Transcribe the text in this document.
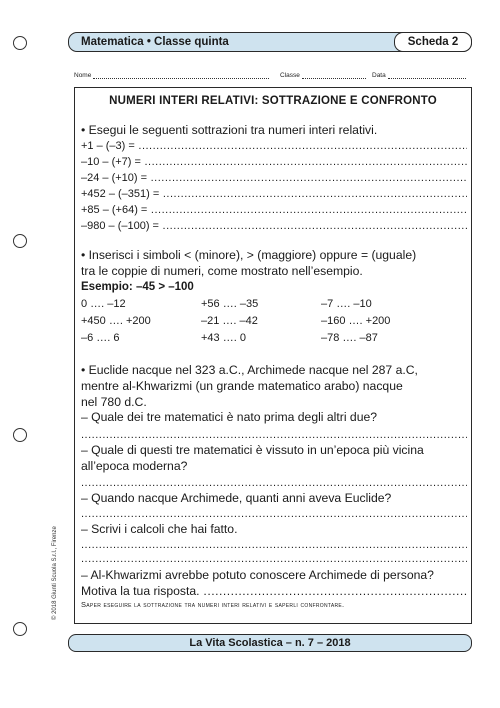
Matematica • Classe quinta	Scheda 2
Nome	Classe	Data
NUMERI INTERI RELATIVI: SOTTRAZIONE E CONFRONTO
• Esegui le seguenti sottrazioni tra numeri interi relativi.
+1 – (–3) = .....
–10 – (+7) = .....
–24 – (+10) = .....
+452 – (–351) = .....
+85 – (+64) = .....
–980 – (–100) = .....
• Inserisci i simboli < (minore), > (maggiore) oppure = (uguale)
tra le coppie di numeri, come mostrato nell’esempio.
Esempio: –45 > –100
0 …. –12	+56 …. –35	–7 …. –10
+450 …. +200	–21 …. –42	–160 …. +200
–6 …. 6	+43 …. 0	–78 …. –87
• Euclide nacque nel 323 a.C., Archimede nacque nel 287 a.C,
mentre al-Khwarizmi (un grande matematico arabo) nacque
nel 780 d.C.
– Quale dei tre matematici è nato prima degli altri due?
.....
– Quale di questi tre matematici è vissuto in un’epoca più vicina
all’epoca moderna?
.....
– Quando nacque Archimede, quanti anni aveva Euclide?
.....
– Scrivi i calcoli che hai fatto.
.....
.....
– Al-Khwarizmi avrebbe potuto conoscere Archimede di persona?
Motiva la tua risposta. .....
Saper eseguire la sottrazione tra numeri interi relativi e saperli confrontare.
© 2018 Giunti Scuola S.r.l., Firenze
La Vita Scolastica – n. 7 – 2018
